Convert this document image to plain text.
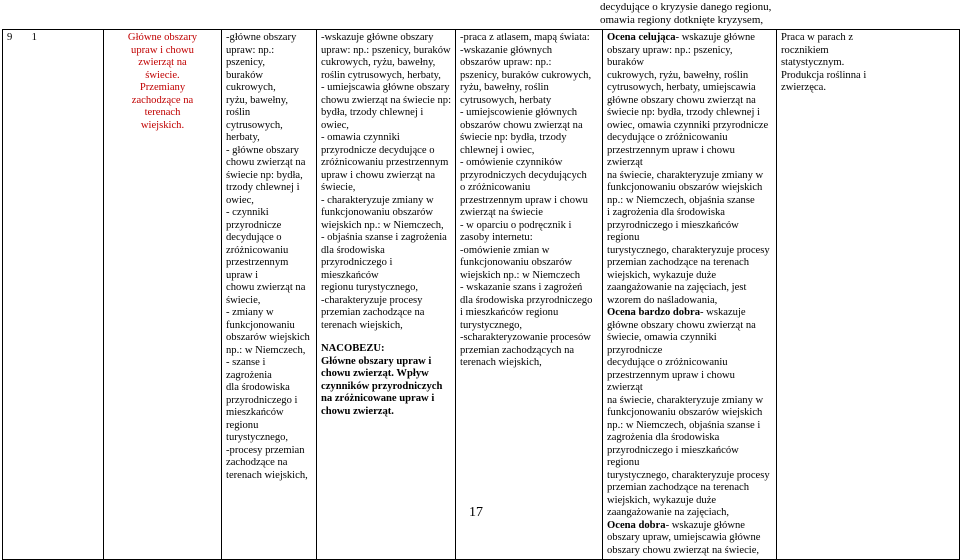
decydujące o kryzysie danego regionu,
omawia regiony dotknięte kryzysem,
9 1	Główne obszary
upraw i chowu
zwierząt na
świecie.
Przemiany
zachodzące na
terenach
wiejskich.

-główne obszary
upraw: np.: pszenicy,
buraków cukrowych,
ryżu, bawełny, roślin
cytrusowych, herbaty,
- główne obszary
chowu zwierząt na
świecie np: bydła,
trzody chlewnej i
owiec,
- czynniki
przyrodnicze
decydujące o
zróżnicowaniu
przestrzennym upraw i
chowu zwierząt na
świecie,
- zmiany w
funkcjonowaniu
obszarów wiejskich
np.: w Niemczech,
- szanse i zagrożenia
dla środowiska
przyrodniczego i
mieszkańców regionu
turystycznego,
-procesy przemian
zachodzące na
terenach wiejskich,

-wskazuje główne obszary
upraw: np.: pszenicy, buraków
cukrowych, ryżu, bawełny,
roślin cytrusowych, herbaty,
- umiejscawia główne obszary
chowu zwierząt na świecie np:
bydła, trzody chlewnej i
owiec,
- omawia czynniki
przyrodnicze decydujące o
zróżnicowaniu przestrzennym
upraw i chowu zwierząt na
świecie,
- charakteryzuje zmiany w
funkcjonowaniu obszarów
wiejskich np.: w Niemczech,
- objaśnia szanse i zagrożenia
dla środowiska
przyrodniczego i mieszkańców
regionu turystycznego,
-charakteryzuje procesy
przemian zachodzące na
terenach wiejskich,
NACOBEZU:
Główne obszary upraw i
chowu zwierząt. Wpływ
czynników przyrodniczych
na zróżnicowane upraw i
chowu zwierząt.

-praca z atlasem, mapą świata:
-wskazanie głównych
obszarów upraw: np.:
pszenicy, buraków cukrowych,
ryżu, bawełny, roślin
cytrusowych, herbaty
- umiejscowienie głównych
obszarów chowu zwierząt na
świecie np: bydła, trzody
chlewnej i owiec,
- omówienie czynników
przyrodniczych decydujących
o zróżnicowaniu
przestrzennym upraw i chowu
zwierząt na świecie
- w oparciu o podręcznik i
zasoby internetu:
-omówienie zmian w
funkcjonowaniu obszarów
wiejskich np.: w Niemczech
- wskazanie szans i zagrożeń
dla środowiska przyrodniczego
i mieszkańców regionu
turystycznego,
-scharakteryzowanie procesów
przemian zachodzących na
terenach wiejskich,

Ocena celująca- wskazuje główne
obszary upraw: np.: pszenicy, buraków
cukrowych, ryżu, bawełny, roślin
cytrusowych, herbaty, umiejscawia
główne obszary chowu zwierząt na
świecie np: bydła, trzody chlewnej i
owiec, omawia czynniki przyrodnicze
decydujące o zróżnicowaniu
przestrzennym upraw i chowu zwierząt
na świecie, charakteryzuje zmiany w
funkcjonowaniu obszarów wiejskich
np.: w Niemczech, objaśnia szanse
i zagrożenia dla środowiska
przyrodniczego i mieszkańców regionu
turystycznego, charakteryzuje procesy
przemian zachodzące na terenach
wiejskich, wykazuje duże
zaangażowanie na zajęciach, jest
wzorem do naśladowania,
Ocena bardzo dobra- wskazuje
główne obszary chowu zwierząt na
świecie, omawia czynniki przyrodnicze
decydujące o zróżnicowaniu
przestrzennym upraw i chowu zwierząt
na świecie, charakteryzuje zmiany w
funkcjonowaniu obszarów wiejskich
np.: w Niemczech, objaśnia szanse i
zagrożenia dla środowiska
przyrodniczego i mieszkańców regionu
turystycznego, charakteryzuje procesy
przemian zachodzące na terenach
wiejskich, wykazuje duże
zaangażowanie na zajęciach,
Ocena dobra- wskazuje główne
obszary upraw, umiejscawia główne
obszary chowu zwierząt na świecie,

Praca w parach z
rocznikiem
statystycznym.
Produkcja roślinna i
zwierzęca.
17
